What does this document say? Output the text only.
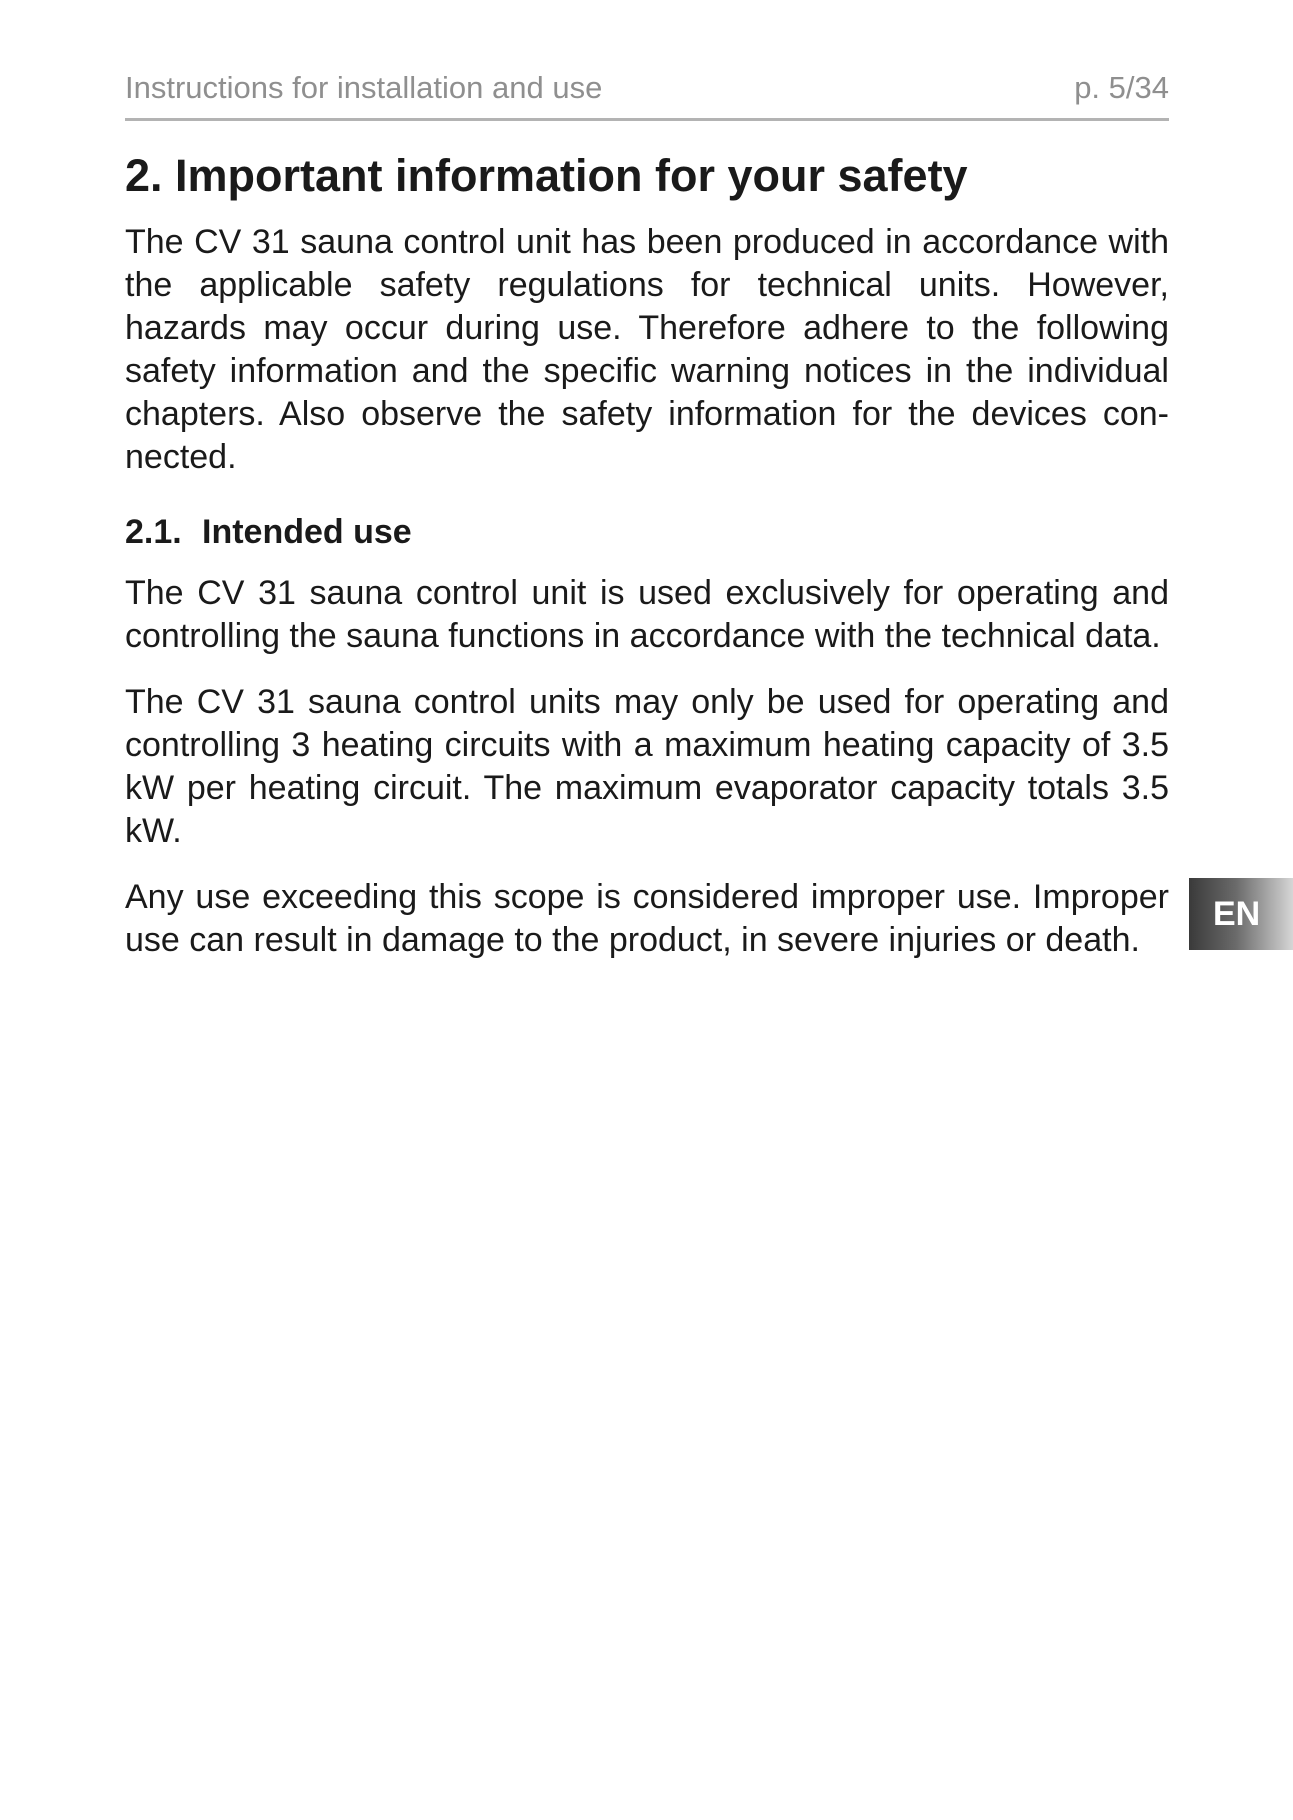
Instructions for installation and use	p. 5/34
2. Important information for your safety

The CV 31 sauna control unit has been produced in accordance with the applicable safety regulations for technical units. However, hazards may occur during use. Therefore adhere to the following safety information and the specific warning notices in the individual chapters. Also observe the safety information for the devices con-nected.

2.1. Intended use

The CV 31 sauna control unit is used exclusively for operating and controlling the sauna functions in accordance with the technical data.

The CV 31 sauna control units may only be used for operating and controlling 3 heating circuits with a maximum heating capacity of 3.5 kW per heating circuit. The maximum evaporator capacity totals 3.5 kW.

Any use exceeding this scope is considered improper use. Improper use can result in damage to the product, in severe injuries or death.

EN
